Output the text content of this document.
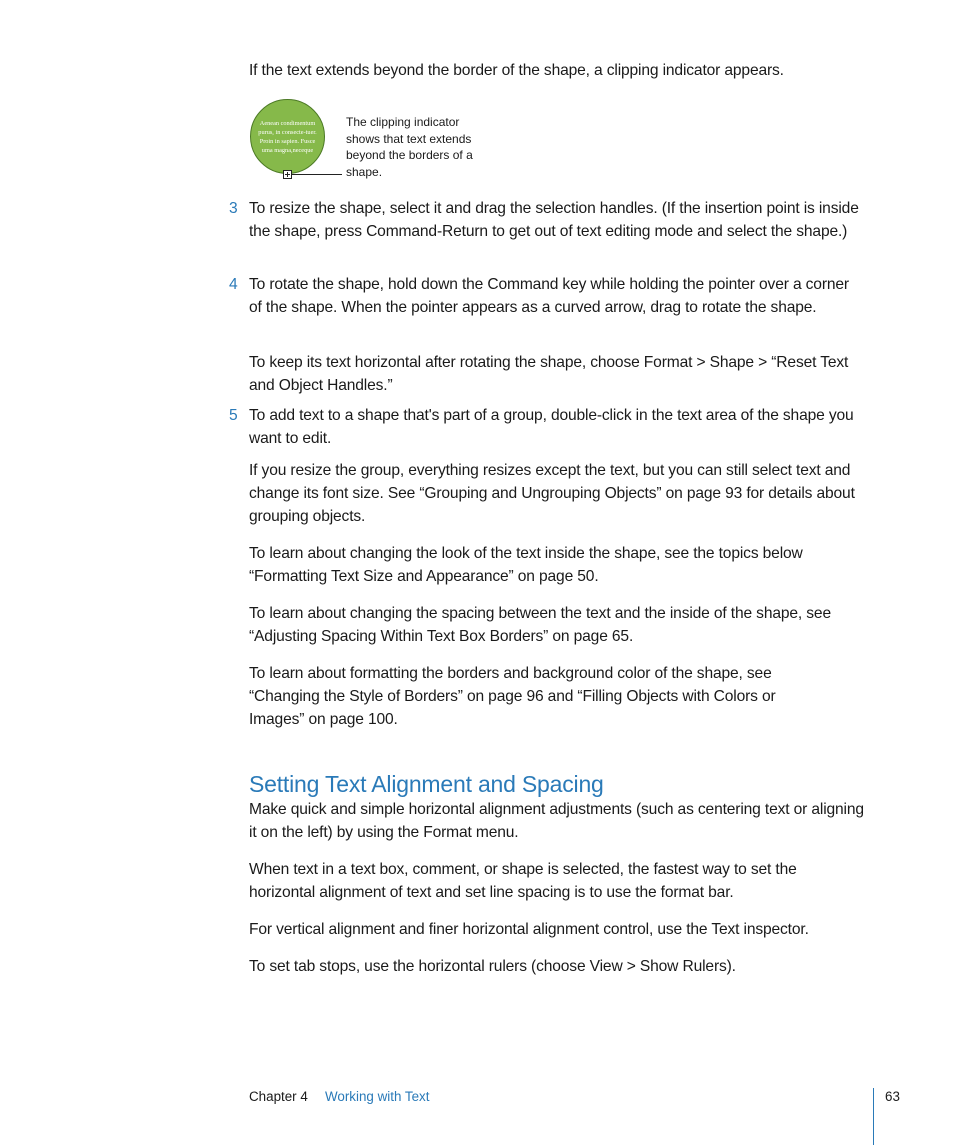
If the text extends beyond the border of the shape, a clipping indicator appears.
Aenean condimentum purus, in consecte-tuer. Proin in sapien. Fusce uma magna,neceque
The clipping indicator shows that text extends beyond the borders of a shape.
3 To resize the shape, select it and drag the selection handles. (If the insertion point is inside the shape, press Command-Return to get out of text editing mode and select the shape.)
4 To rotate the shape, hold down the Command key while holding the pointer over a corner of the shape. When the pointer appears as a curved arrow, drag to rotate the shape.
To keep its text horizontal after rotating the shape, choose Format > Shape > “Reset Text and Object Handles.”
5 To add text to a shape that's part of a group, double-click in the text area of the shape you want to edit.
If you resize the group, everything resizes except the text, but you can still select text and change its font size. See “Grouping and Ungrouping Objects” on page 93 for details about grouping objects.
To learn about changing the look of the text inside the shape, see the topics below “Formatting Text Size and Appearance” on page 50.
To learn about changing the spacing between the text and the inside of the shape, see “Adjusting Spacing Within Text Box Borders” on page 65.
To learn about formatting the borders and background color of the shape, see “Changing the Style of Borders” on page 96 and “Filling Objects with Colors or Images” on page 100.
Setting Text Alignment and Spacing
Make quick and simple horizontal alignment adjustments (such as centering text or aligning it on the left) by using the Format menu.
When text in a text box, comment, or shape is selected, the fastest way to set the horizontal alignment of text and set line spacing is to use the format bar.
For vertical alignment and finer horizontal alignment control, use the Text inspector.
To set tab stops, use the horizontal rulers (choose View > Show Rulers).
Chapter 4 Working with Text	63
